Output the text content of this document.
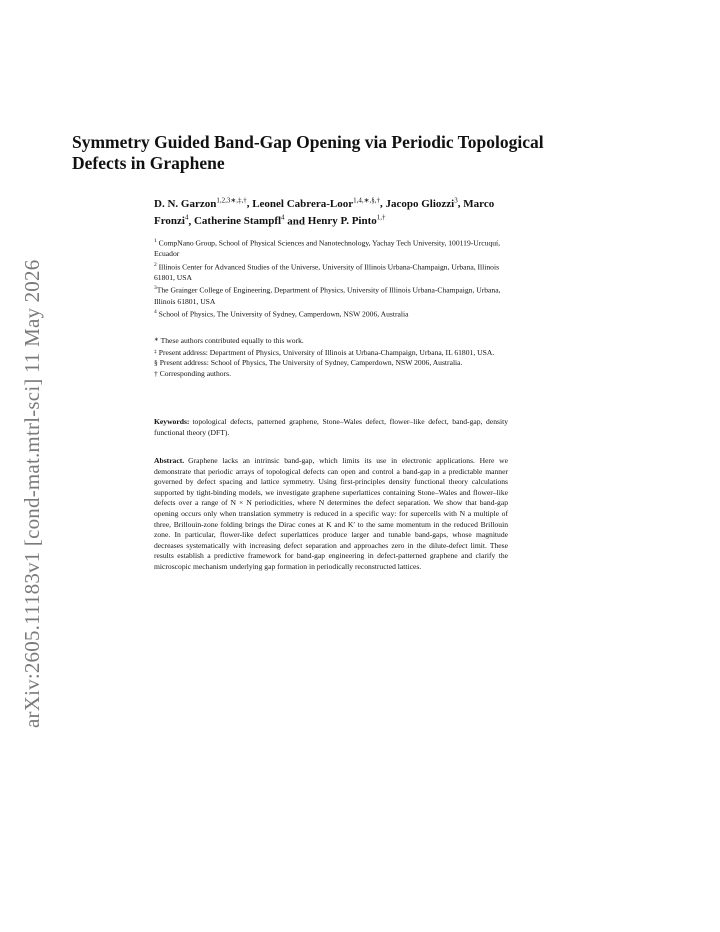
arXiv:2605.11183v1 [cond-mat.mtrl-sci] 11 May 2026
Symmetry Guided Band-Gap Opening via Periodic Topological Defects in Graphene
D. N. Garzon$^{1,2,3∗,\ddagger,\dagger}$, Leonel Cabrera-Loor$^{1,4,∗,\S,\dagger}$, Jacopo Gliozzi$^3$, Marco Fronzi$^4$, Catherine Stampfl$^4$ and Henry P. Pinto$^{1,\dagger}$
$^1$ CompNano Group, School of Physical Sciences and Nanotechnology, Yachay Tech University, 100119-Urcuquí, Ecuador
$^2$ Illinois Center for Advanced Studies of the Universe, University of Illinois Urbana-Champaign, Urbana, Illinois 61801, USA
$^3$The Grainger College of Engineering, Department of Physics, University of Illinois Urbana-Champaign, Urbana, Illinois 61801, USA
$^4$ School of Physics, The University of Sydney, Camperdown, NSW 2006, Australia
∗ These authors contributed equally to this work.
‡ Present address: Department of Physics, University of Illinois at Urbana-Champaign, Urbana, IL 61801, USA.
§ Present address: School of Physics, The University of Sydney, Camperdown, NSW 2006, Australia.
† Corresponding authors.
Keywords: topological defects, patterned graphene, Stone–Wales defect, flower–like defect, band-gap, density functional theory (DFT).
Abstract. Graphene lacks an intrinsic band-gap, which limits its use in electronic applications. Here we demonstrate that periodic arrays of topological defects can open and control a band-gap in a predictable manner governed by defect spacing and lattice symmetry. Using first-principles density functional theory calculations supported by tight-binding models, we investigate graphene superlattices containing Stone–Wales and flower–like defects over a range of N × N periodicities, where N determines the defect separation. We show that band-gap opening occurs only when translation symmetry is reduced in a specific way: for supercells with N a multiple of three, Brillouin-zone folding brings the Dirac cones at K and K′ to the same momentum in the reduced Brillouin zone. In particular, flower-like defect superlattices produce larger and tunable band-gaps, whose magnitude decreases systematically with increasing defect separation and approaches zero in the dilute-defect limit. These results establish a predictive framework for band-gap engineering in defect-patterned graphene and clarify the microscopic mechanism underlying gap formation in periodically reconstructed lattices.
